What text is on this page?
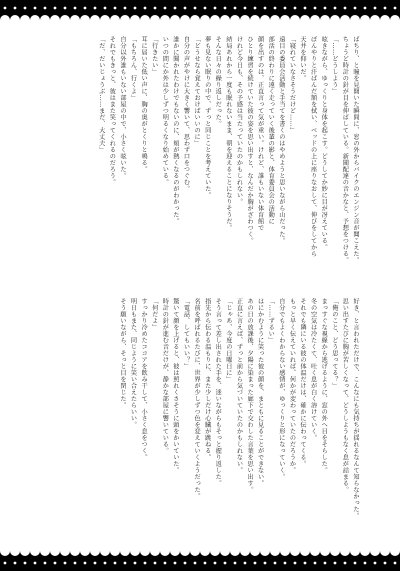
ばちり、と瞳を見開いた瞬間に、窓の外からバイクのエンジン音が聞こえた。

ちょうど時計の針が目を伸ばしている。新聞配達の音かなと、予想をつける。

「……どうしよう」

呟きながら、ゆっくりと身体を起こす。どうしてか妙に目が冴えている。

ぼんやりと汗ばんだ額を拭い、ベッドの上に座りなおして、伸びをしてから

天井を仰いだ。

「寝れていなさそうだけど……」

遠目の委員会活動と手当てを書くのはやめようと思いながら山だった。

部活の終わりに遠く走っていく後輩の影と、体育委員会の活動に

顔を出すのは、正直言って気が重い。けれど、誰もいない体育館で

ひとり練習を続けていた彼の姿を思い出すと、なんだか胸がざわつく。

けれど今日も、その予感は当たっていたのかもしれない。

結局あれから一度も眠れないまま、朝を迎えることになりそうだ。

そんな日々の繰り返しだった。

夢も見ない眠りの中で、ずっと同じことを考えていた。

「どうせなら覚えておけばいいのに」

自分の声がやけに大きく響いて、思わず口をつぐむ。

誰かに聞かれたわけでもないのに、頬が熱くなるのがわかった。

いつの間にか外は少しずつ明るくなり始めている。

「行きたい」

耳に届いた低い声に、胸の奥がとくりと鳴る。

「もちろん、行くよ」

自分以外誰もいない部屋の中で、小さく呟いた。

それでもきっと、彼はまた笑ってくれるのだろう。

「だ、だいじょうぶ……まだ、大丈夫」

好き、と言われただけで、こんなにも気持ちが揺れるなんて知らなかった。

思い出すたびに胸が苦しくなって、どうしようもなく息が詰まる。

「俺のこと、どう思ってる？」

まっすぐな視線から逃げるように、窓の外へ目をそらした。

冬の空気は冷たくて、吐く息が白く溶けていく。

それでも隣にいる彼の体温だけは、確かに伝わってくる。

もっと早く伝えていれば、何かが変わっていたのだろうか。

自分でもよくわからない感情が、ゆっくりと形になっていく。

「……ずるい」

はにかむように笑った彼の顔を、まともに見ることができない。

あの日の放課後、夕陽に染まった廊下で交わした言葉を思い出す。

正直に言えば、ずっと前から気づいていたのかもしれない。

「じゃあ、今度の日曜日に」

そう言って差し出された手を、迷いながらもそっと握り返した。

指先から伝わる温もりに、また少しだけ心臓が跳ねる。

名前を呼ばれるたびに、世界が少しずつ色を変えていくようだった。

「電話、してもいい？」

驚いて顔を上げると、彼は照れくさそうに頭をかいていた。

時計の針が進む音だけが、静かな部屋に響いている。

「何だよ」

すっかり冷めたココアを飲み干して、小さく息をつく。

明日もまた、同じように笑い合えたらいい。

そう願いながら、そっと目を閉じた。
